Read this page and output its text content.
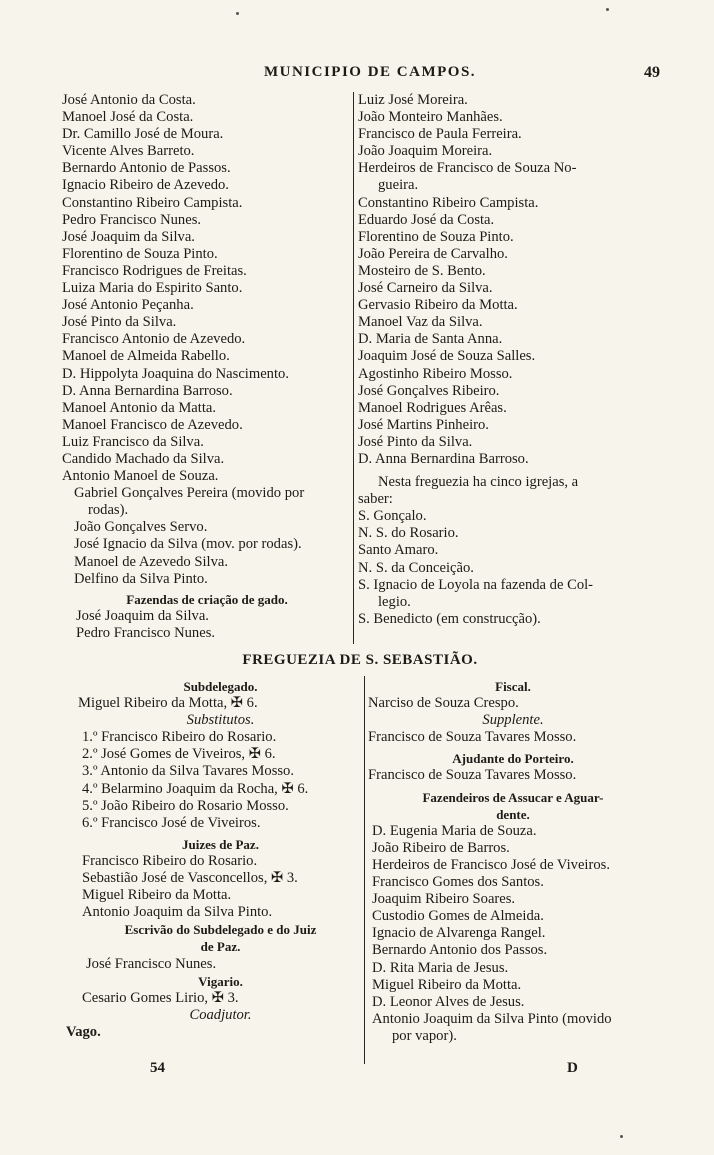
MUNICIPIO DE CAMPOS.	49
José Antonio da Costa.
Manoel José da Costa.
Dr. Camillo José de Moura.
Vicente Alves Barreto.
Bernardo Antonio de Passos.
Ignacio Ribeiro de Azevedo.
Constantino Ribeiro Campista.
Pedro Francisco Nunes.
José Joaquim da Silva.
Florentino de Souza Pinto.
Francisco Rodrigues de Freitas.
Luiza Maria do Espirito Santo.
José Antonio Peçanha.
José Pinto da Silva.
Francisco Antonio de Azevedo.
Manoel de Almeida Rabello.
D. Hippolyta Joaquina do Nascimento.
D. Anna Bernardina Barroso.
Manoel Antonio da Matta.
Manoel Francisco de Azevedo.
Luiz Francisco da Silva.
Candido Machado da Silva.
Antonio Manoel de Souza.
Gabriel Gonçalves Pereira (movido por
rodas).
João Gonçalves Servo.
José Ignacio da Silva (mov. por rodas).
Manoel de Azevedo Silva.
Delfino da Silva Pinto.
Fazendas de criação de gado.
José Joaquim da Silva.
Pedro Francisco Nunes.
Luiz José Moreira.
João Monteiro Manhães.
Francisco de Paula Ferreira.
João Joaquim Moreira.
Herdeiros de Francisco de Souza No-
gueira.
Constantino Ribeiro Campista.
Eduardo José da Costa.
Florentino de Souza Pinto.
João Pereira de Carvalho.
Mosteiro de S. Bento.
José Carneiro da Silva.
Gervasio Ribeiro da Motta.
Manoel Vaz da Silva.
D. Maria de Santa Anna.
Joaquim José de Souza Salles.
Agostinho Ribeiro Mosso.
José Gonçalves Ribeiro.
Manoel Rodrigues Arêas.
José Martins Pinheiro.
José Pinto da Silva.
D. Anna Bernardina Barroso.
Nesta freguezia ha cinco igrejas, a
saber:
S. Gonçalo.
N. S. do Rosario.
Santo Amaro.
N. S. da Conceição.
S. Ignacio de Loyola na fazenda de Col-
legio.
S. Benedicto (em construcção).
FREGUEZIA DE S. SEBASTIÃO.
Subdelegado.
Miguel Ribeiro da Motta, ✠ 6.
Substitutos.
1.º Francisco Ribeiro do Rosario.
2.º José Gomes de Viveiros, ✠ 6.
3.º Antonio da Silva Tavares Mosso.
4.º Belarmino Joaquim da Rocha, ✠ 6.
5.º João Ribeiro do Rosario Mosso.
6.º Francisco José de Viveiros.
Juizes de Paz.
Francisco Ribeiro do Rosario.
Sebastião José de Vasconcellos, ✠ 3.
Miguel Ribeiro da Motta.
Antonio Joaquim da Silva Pinto.
Escrivão do Subdelegado e do Juiz
de Paz.
José Francisco Nunes.
Vigario.
Cesario Gomes Lirio, ✠ 3.
Coadjutor.
Vago.
Fiscal.
Narciso de Souza Crespo.
Supplente.
Francisco de Souza Tavares Mosso.
Ajudante do Porteiro.
Francisco de Souza Tavares Mosso.
Fazendeiros de Assucar e Aguar-
dente.
D. Eugenia Maria de Souza.
João Ribeiro de Barros.
Herdeiros de Francisco José de Viveiros.
Francisco Gomes dos Santos.
Joaquim Ribeiro Soares.
Custodio Gomes de Almeida.
Ignacio de Alvarenga Rangel.
Bernardo Antonio dos Passos.
D. Rita Maria de Jesus.
Miguel Ribeiro da Motta.
D. Leonor Alves de Jesus.
Antonio Joaquim da Silva Pinto (movido
por vapor).
54	D
